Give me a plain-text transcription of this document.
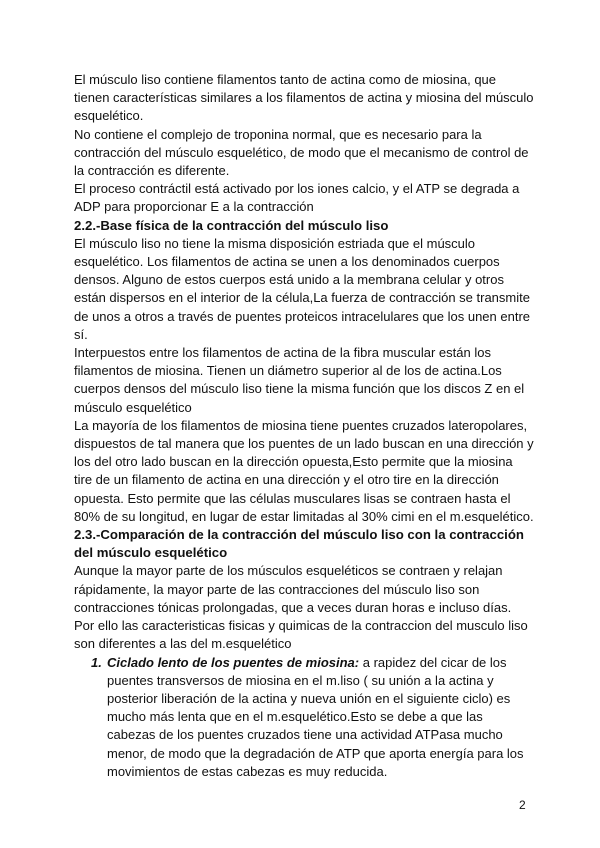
El músculo liso contiene filamentos tanto de actina como de miosina, que tienen características similares a los filamentos de actina y miosina del músculo esquelético.

No contiene el complejo de troponina normal, que es necesario para la contracción del músculo esquelético, de modo que el mecanismo de control de la contracción es diferente.

El proceso contráctil está activado por los iones calcio, y el ATP se degrada a ADP para proporcionar E a la contracción

2.2.-Base física de la contracción del músculo liso

El músculo liso no tiene la misma disposición estriada que el músculo esquelético. Los filamentos de actina se unen a los denominados cuerpos densos. Alguno de estos cuerpos está unido a la membrana celular y otros están dispersos en el interior de la célula,La fuerza de contracción se transmite de unos a otros a través de puentes proteicos intracelulares que los unen entre sí.

Interpuestos entre los filamentos de actina de la fibra muscular están los filamentos de miosina. Tienen un diámetro superior al de los de actina.Los cuerpos densos del músculo liso tiene la misma función que los discos Z en el músculo esquelético

La mayoría de los filamentos de miosina tiene puentes cruzados lateropolares, dispuestos de tal manera que los puentes de un lado buscan en una dirección y los del otro lado buscan en la dirección opuesta,Esto permite que la miosina tire de un filamento de actina en una dirección y el otro tire en la dirección opuesta. Esto permite que las células musculares lisas se contraen hasta el 80% de su longitud, en lugar de estar limitadas al 30% cimi en el m.esquelético.

2.3.-Comparación de la contracción del músculo liso con la contracción del músculo esquelético

Aunque la mayor parte de los músculos esqueléticos se contraen y relajan rápidamente, la mayor parte de las contracciones del músculo liso son contracciones tónicas prolongadas, que a veces duran horas e incluso días. Por ello las caracteristicas fisicas y quimicas de la contraccion del musculo liso son diferentes a las del m.esquelético

1. Ciclado lento de los puentes de miosina: a rapidez del cicar de los puentes transversos de miosina en el m.liso ( su unión a la actina y posterior liberación de la actina y nueva unión en el siguiente ciclo) es mucho más lenta que en el m.esquelético.Esto se debe a que las cabezas de los puentes cruzados tiene una actividad ATPasa mucho menor, de modo que la degradación de ATP que aporta energía para los movimientos de estas cabezas es muy reducida.
2
